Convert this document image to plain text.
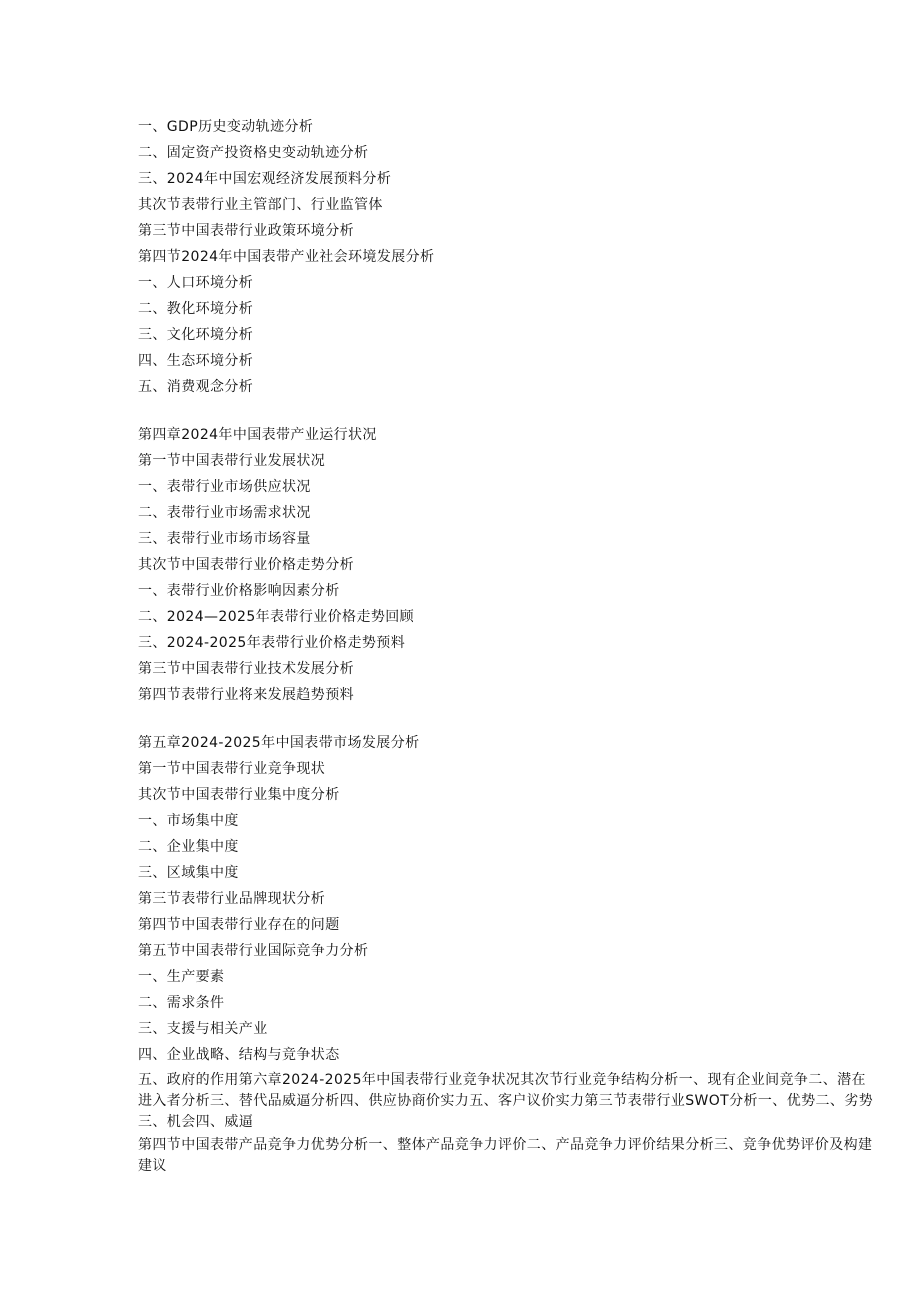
一、GDP历史变动轨迹分析
二、固定资产投资格史变动轨迹分析
三、2024年中国宏观经济发展预料分析
其次节表带行业主管部门、行业监管体
第三节中国表带行业政策环境分析
第四节2024年中国表带产业社会环境发展分析
一、人口环境分析
二、教化环境分析
三、文化环境分析
四、生态环境分析
五、消费观念分析
第四章2024年中国表带产业运行状况
第一节中国表带行业发展状况
一、表带行业市场供应状况
二、表带行业市场需求状况
三、表带行业市场市场容量
其次节中国表带行业价格走势分析
一、表带行业价格影响因素分析
二、2024—2025年表带行业价格走势回顾
三、2024-2025年表带行业价格走势预料
第三节中国表带行业技术发展分析
第四节表带行业将来发展趋势预料
第五章2024-2025年中国表带市场发展分析
第一节中国表带行业竞争现状
其次节中国表带行业集中度分析
一、市场集中度
二、企业集中度
三、区域集中度
第三节表带行业品牌现状分析
第四节中国表带行业存在的问题
第五节中国表带行业国际竞争力分析
一、生产要素
二、需求条件
三、支援与相关产业
四、企业战略、结构与竞争状态
五、政府的作用第六章2024-2025年中国表带行业竞争状况其次节行业竞争结构分析一、现有企业间竞争二、潜在进入者分析三、替代品威逼分析四、供应协商价实力五、客户议价实力第三节表带行业SWOT分析一、优势二、劣势三、机会四、威逼
第四节中国表带产品竞争力优势分析一、整体产品竞争力评价二、产品竞争力评价结果分析三、竞争优势评价及构建建议
